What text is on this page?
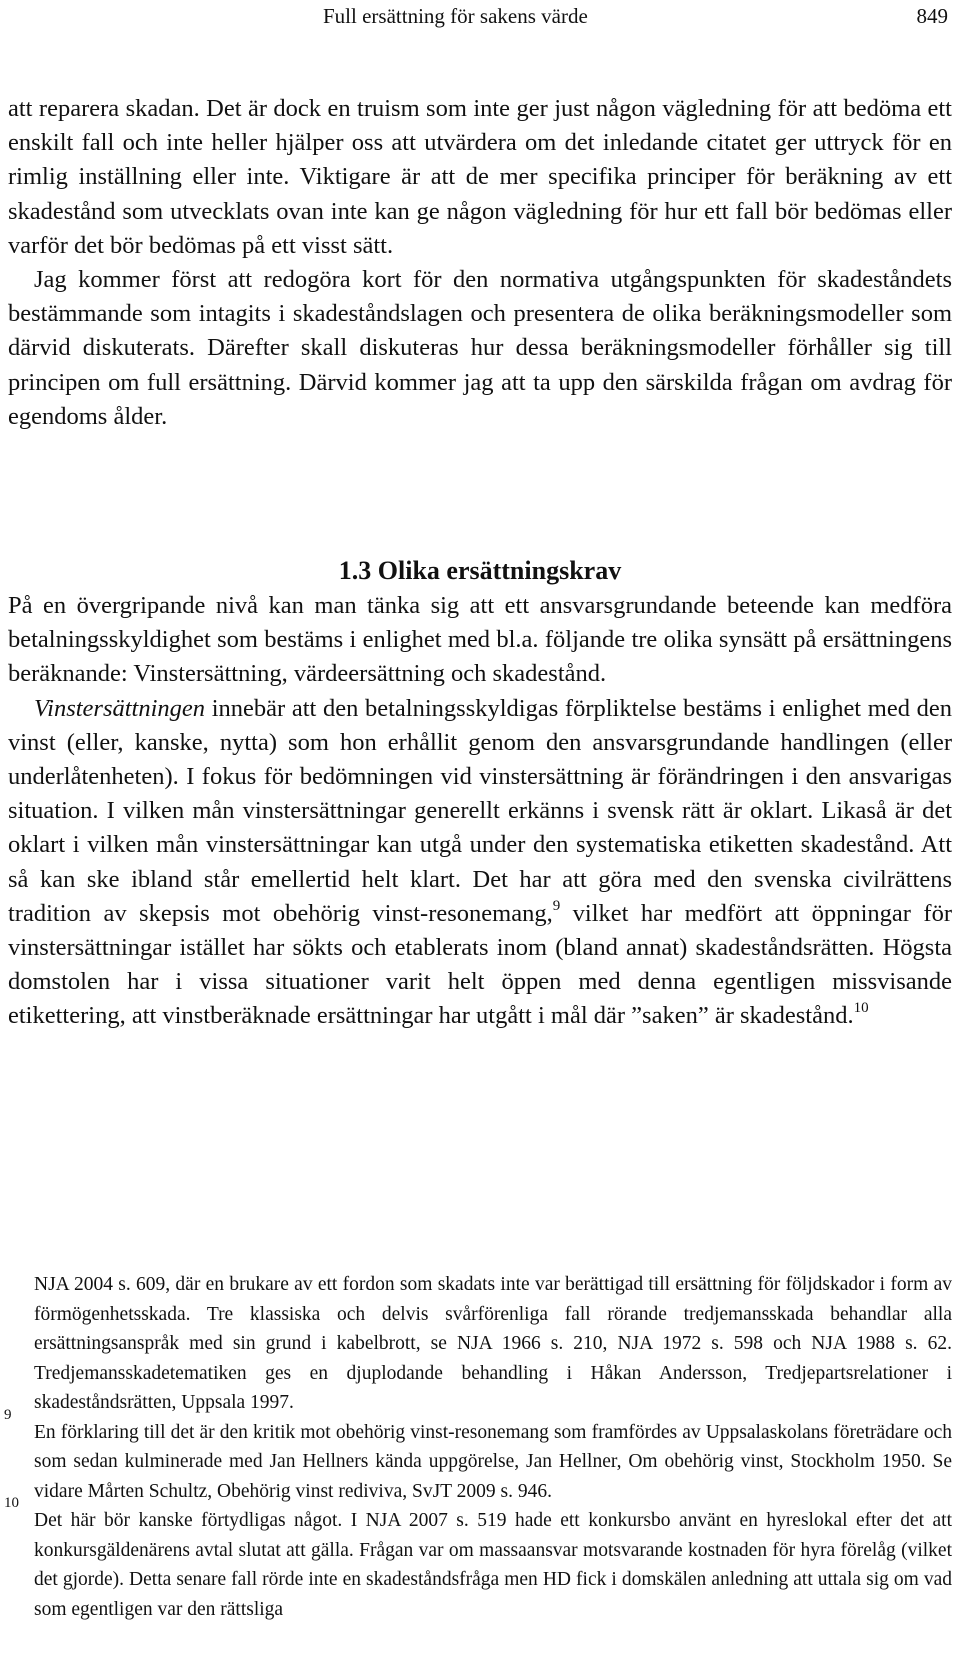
Full ersättning för sakens värde	849

att reparera skadan. Det är dock en truism som inte ger just någon vägledning för att bedöma ett enskilt fall och inte heller hjälper oss att utvärdera om det inledande citatet ger uttryck för en rimlig inställning eller inte. Viktigare är att de mer specifika principer för beräkning av ett skadestånd som utvecklats ovan inte kan ge någon vägledning för hur ett fall bör bedömas eller varför det bör bedömas på ett visst sätt.

Jag kommer först att redogöra kort för den normativa utgångspunkten för skadeståndets bestämmande som intagits i skadeståndslagen och presentera de olika beräkningsmodeller som därvid diskuterats. Därefter skall diskuteras hur dessa beräkningsmodeller förhåller sig till principen om full ersättning. Därvid kommer jag att ta upp den särskilda frågan om avdrag för egendoms ålder.

1.3 Olika ersättningskrav

På en övergripande nivå kan man tänka sig att ett ansvarsgrundande beteende kan medföra betalningsskyldighet som bestäms i enlighet med bl.a. följande tre olika synsätt på ersättningens beräknande: Vinstersättning, värdeersättning och skadestånd.

Vinstersättningen innebär att den betalningsskyldigas förpliktelse bestäms i enlighet med den vinst (eller, kanske, nytta) som hon erhållit genom den ansvarsgrundande handlingen (eller underlåtenheten). I fokus för bedömningen vid vinstersättning är förändringen i den ansvarigas situation. I vilken mån vinstersättningar generellt erkänns i svensk rätt är oklart. Likaså är det oklart i vilken mån vinstersättningar kan utgå under den systematiska etiketten skadestånd. Att så kan ske ibland står emellertid helt klart. Det har att göra med den svenska civilrättens tradition av skepsis mot obehörig vinst-resonemang,$^9$ vilket har medfört att öppningar för vinstersättningar istället har sökts och etablerats inom (bland annat) skadeståndsrätten. Högsta domstolen har i vissa situationer varit helt öppen med denna egentligen missvisande etikettering, att vinstberäknade ersättningar har utgått i mål där ”saken” är skadestånd.$^{10}$

NJA 2004 s. 609, där en brukare av ett fordon som skadats inte var berättigad till ersättning för följdskador i form av förmögenhetsskada. Tre klassiska och delvis svårförenliga fall rörande tredjemansskada behandlar alla ersättningsanspråk med sin grund i kabelbrott, se NJA 1966 s. 210, NJA 1972 s. 598 och NJA 1988 s. 62. Tredjemansskadetematiken ges en djuplodande behandling i Håkan Andersson, Tredjepartsrelationer i skadeståndsrätten, Uppsala 1997.

9

En förklaring till det är den kritik mot obehörig vinst-resonemang som framfördes av Uppsalaskolans företrädare och som sedan kulminerade med Jan Hellners kända uppgörelse, Jan Hellner, Om obehörig vinst, Stockholm 1950. Se vidare Mårten Schultz, Obehörig vinst rediviva, SvJT 2009 s. 946.

10

Det här bör kanske förtydligas något. I NJA 2007 s. 519 hade ett konkursbo använt en hyreslokal efter det att konkursgäldenärens avtal slutat att gälla. Frågan var om massaansvar motsvarande kostnaden för hyra förelåg (vilket det gjorde). Detta senare fall rörde inte en skadeståndsfråga men HD fick i domskälen anledning att uttala sig om vad som egentligen var den rättsliga
